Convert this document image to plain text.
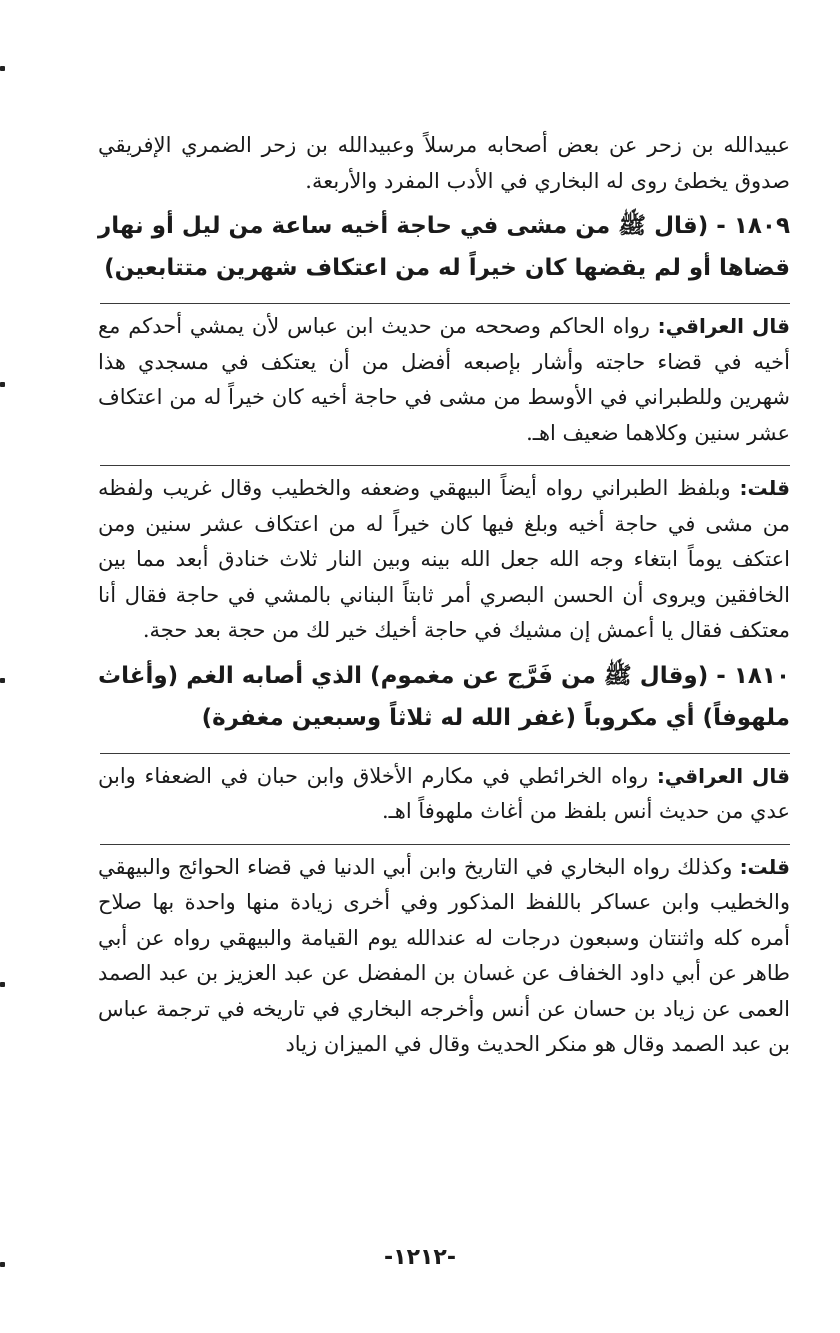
عبيدالله بن زحر عن بعض أصحابه مرسلاً وعبيدالله بن زحر الضمري الإفريقي صدوق يخطئ روى له البخاري في الأدب المفرد والأربعة.

١٨٠٩ - (قال ﷺ من مشى في حاجة أخيه ساعة من ليل أو نهار قضاها أو لم يقضها كان خيراً له من اعتكاف شهرين متتابعين)

قال العراقي: رواه الحاكم وصححه من حديث ابن عباس لأن يمشي أحدكم مع أخيه في قضاء حاجته وأشار بإصبعه أفضل من أن يعتكف في مسجدي هذا شهرين وللطبراني في الأوسط من مشى في حاجة أخيه كان خيراً له من اعتكاف عشر سنين وكلاهما ضعيف اهـ.

قلت: وبلفظ الطبراني رواه أيضاً البيهقي وضعفه والخطيب وقال غريب ولفظه من مشى في حاجة أخيه وبلغ فيها كان خيراً له من اعتكاف عشر سنين ومن اعتكف يوماً ابتغاء وجه الله جعل الله بينه وبين النار ثلاث خنادق أبعد مما بين الخافقين ويروى أن الحسن البصري أمر ثابتاً البناني بالمشي في حاجة فقال أنا معتكف فقال يا أعمش إن مشيك في حاجة أخيك خير لك من حجة بعد حجة.

١٨١٠ - (وقال ﷺ من فَرَّج عن مغموم) الذي أصابه الغم (وأغاث ملهوفاً) أي مكروباً (غفر الله له ثلاثاً وسبعين مغفرة)

قال العراقي: رواه الخرائطي في مكارم الأخلاق وابن حبان في الضعفاء وابن عدي من حديث أنس بلفظ من أغاث ملهوفاً اهـ.

قلت: وكذلك رواه البخاري في التاريخ وابن أبي الدنيا في قضاء الحوائج والبيهقي والخطيب وابن عساكر باللفظ المذكور وفي أخرى زيادة منها واحدة بها صلاح أمره كله واثنتان وسبعون درجات له عندالله يوم القيامة والبيهقي رواه عن أبي طاهر عن أبي داود الخفاف عن غسان بن المفضل عن عبد العزيز بن عبد الصمد العمى عن زياد بن حسان عن أنس وأخرجه البخاري في تاريخه في ترجمة عباس بن عبد الصمد وقال هو منكر الحديث وقال في الميزان زياد

-١٢١٢-
